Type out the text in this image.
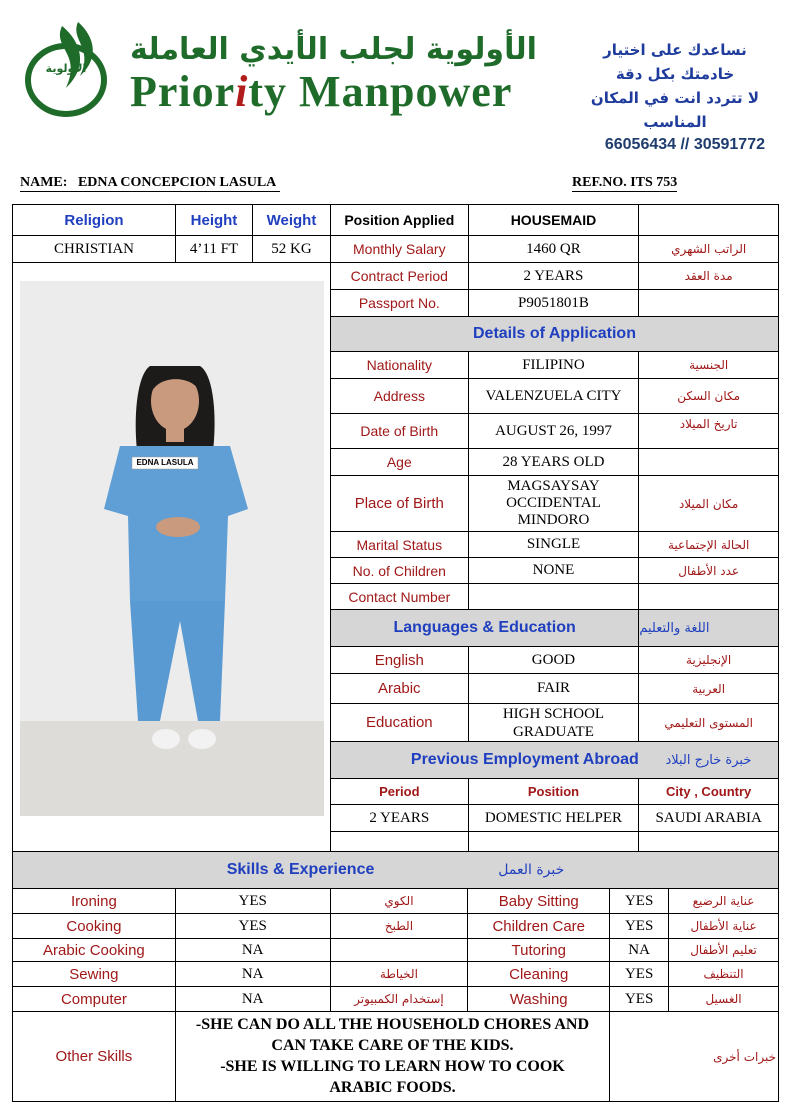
الاولوية
الأولوية لجلب الأيدي العاملة
Priority Manpower
نساعدك على اختيار خادمتك بكل دقة
لا تتردد انت في المكان المناسب
66056434 // 30591772
NAME: EDNA CONCEPCION LASULA	REF.NO. ITS 753
Religion	Height	Weight	Position Applied	HOUSEMAID	
CHRISTIAN	4’11 FT	52 KG	Monthly Salary	1460 QR	الراتب الشهري

EDNA LASULA			Contract Period	2 YEARS	مدة العقد
			Passport No.	P9051801B	
			Details of Application		
			Nationality	FILIPINO	الجنسية
			Address	VALENZUELA CITY	مكان السكن
			Date of Birth	AUGUST 26, 1997	تاريخ الميلاد
			Age	28 YEARS OLD	
			Place of Birth	MAGSAYSAY
OCCIDENTAL
MINDORO	مكان الميلاد
			Marital Status	SINGLE	الحالة الإجتماعية
			No. of Children	NONE	عدد الأطفال
			Contact Number		
			Languages & Education		اللغة والتعليم
			English	GOOD	الإنجليزية
			Arabic	FAIR	العربية
			Education	HIGH SCHOOL
GRADUATE	المستوى التعليمي
			Previous Employment Abroad		خبرة خارج البلاد
			Period	Position	City , Country
			2 YEARS	DOMESTIC HELPER	SAUDI ARABIA

Skills & Experience خبرة العمل					
Ironing	YES	الكوي	Baby Sitting	YES	عناية الرضيع
Cooking	YES	الطبخ	Children Care	YES	عناية الأطفال
Arabic Cooking	NA		Tutoring	NA	تعليم الأطفال
Sewing	NA	الخياطة	Cleaning	YES	التنظيف
Computer	NA	إستخدام الكمبيوتر	Washing	YES	الغسيل
Other Skills	-SHE CAN DO ALL THE HOUSEHOLD CHORES AND
CAN TAKE CARE OF THE KIDS.
-SHE IS WILLING TO LEARN HOW TO COOK
ARABIC FOODS.			خبرات أخرى	
